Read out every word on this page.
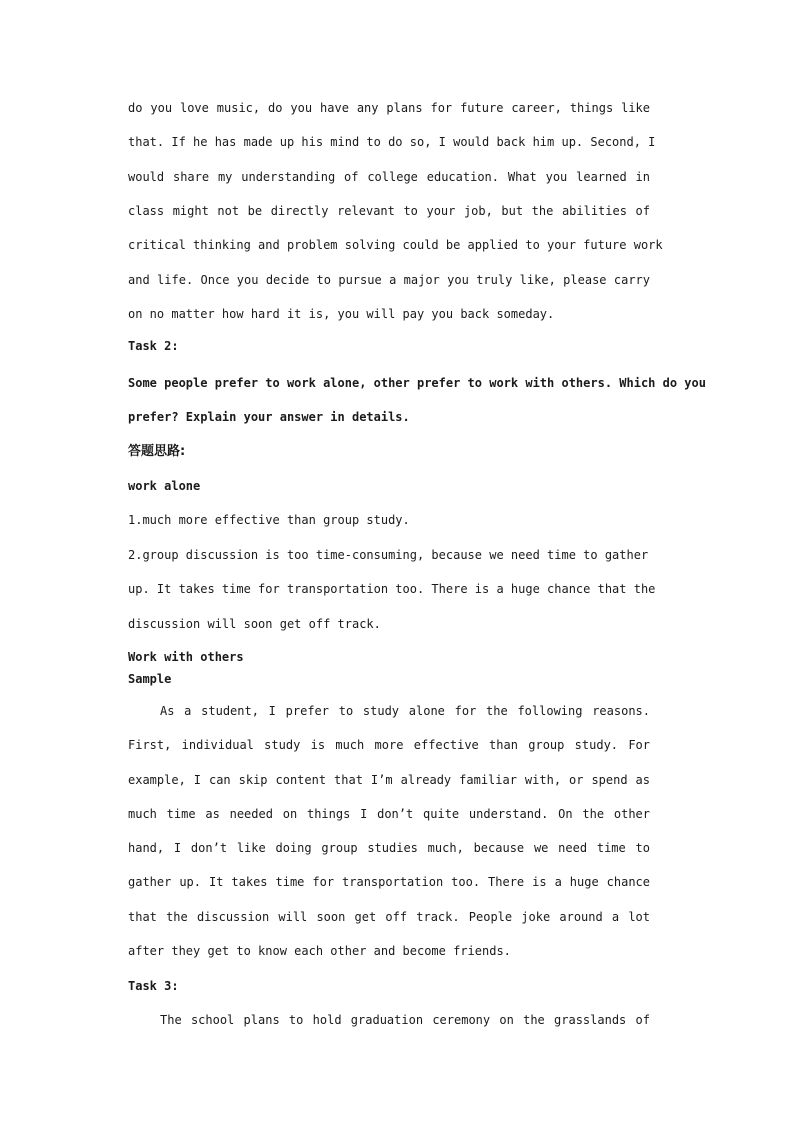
do you love music, do you have any plans for future career, things like
that. If he has made up his mind to do so, I would back him up. Second, I
would share my understanding of college education. What you learned in
class might not be directly relevant to your job, but the abilities of
critical thinking and problem solving could be applied to your future work
and life. Once you decide to pursue a major you truly like, please carry
on no matter how hard it is, you will pay you back someday.
Task 2:
Some people prefer to work alone, other prefer to work with others. Which do you
prefer? Explain your answer in details.
答题思路:
work alone
1.much more effective than group study.
2.group discussion is too time-consuming, because we need time to gather
up. It takes time for transportation too. There is a huge chance that the
discussion will soon get off track.
Work with others
Sample
As a student, I prefer to study alone for the following reasons.
First, individual study is much more effective than group study. For
example, I can skip content that I’m already familiar with, or spend as
much time as needed on things I don’t quite understand. On the other
hand, I don’t like doing group studies much, because we need time to
gather up. It takes time for transportation too. There is a huge chance
that the discussion will soon get off track. People joke around a lot
after they get to know each other and become friends.
Task 3:
The school plans to hold graduation ceremony on the grasslands of
